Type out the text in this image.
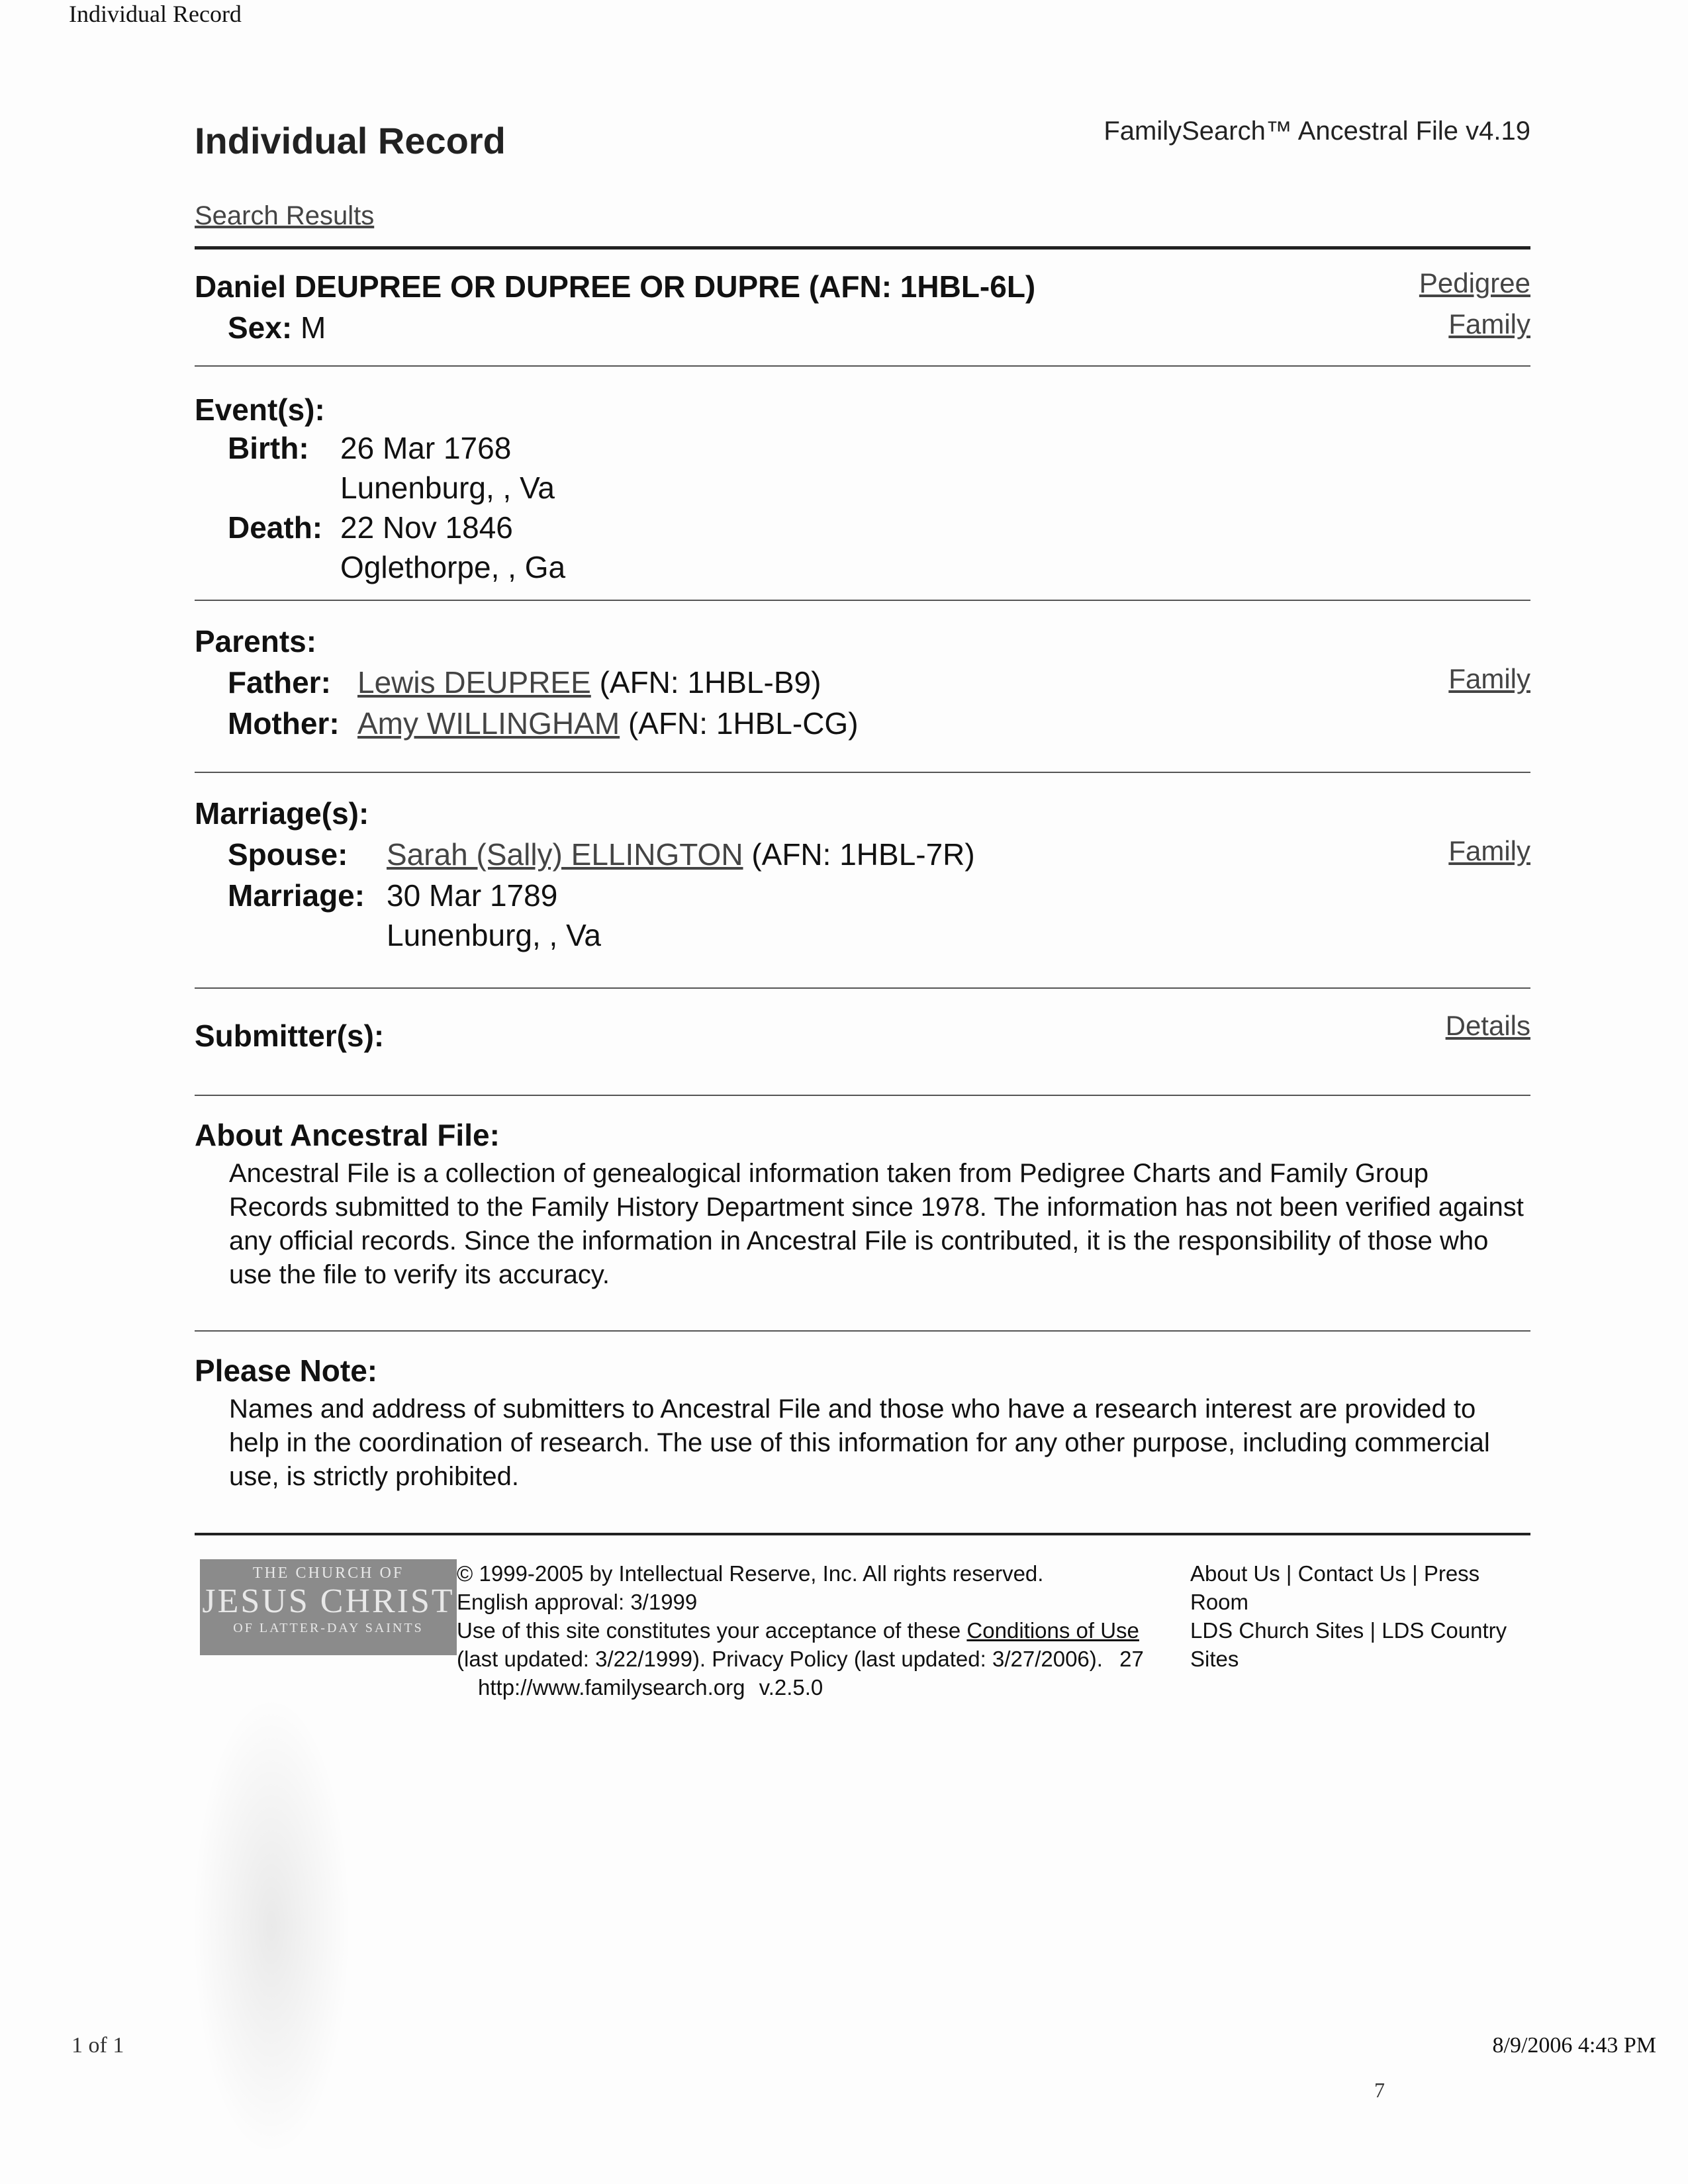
Individual Record
Individual Record	FamilySearch™ Ancestral File v4.19
Search Results
Daniel DEUPREE OR DUPREE OR DUPRE (AFN: 1HBL-6L)
Sex: M
Pedigree
Family
Event(s):
Birth: 26 Mar 1768
Lunenburg, , Va
Death: 22 Nov 1846
Oglethorpe, , Ga
Parents:
Father: Lewis DEUPREE (AFN: 1HBL-B9)
Mother: Amy WILLINGHAM (AFN: 1HBL-CG)
Family
Marriage(s):
Spouse: Sarah (Sally) ELLINGTON (AFN: 1HBL-7R)
Marriage: 30 Mar 1789
Lunenburg, , Va
Family
Submitter(s):	Details
About Ancestral File:
Ancestral File is a collection of genealogical information taken from Pedigree Charts and Family Group Records submitted to the Family History Department since 1978. The information has not been verified against any official records. Since the information in Ancestral File is contributed, it is the responsibility of those who use the file to verify its accuracy.
Please Note:
Names and address of submitters to Ancestral File and those who have a research interest are provided to help in the coordination of research. The use of this information for any other purpose, including commercial use, is strictly prohibited.
THE CHURCH OF
JESUS CHRIST
OF LATTER-DAY SAINTS
© 1999-2005 by Intellectual Reserve, Inc. All rights reserved.
English approval: 3/1999
Use of this site constitutes your acceptance of these Conditions of Use (last updated: 3/22/1999). Privacy Policy (last updated: 3/27/2006). 27
http://www.familysearch.org v.2.5.0
About Us | Contact Us | Press Room
LDS Church Sites | LDS Country Sites
1 of 1	8/9/2006 4:43 PM
7
